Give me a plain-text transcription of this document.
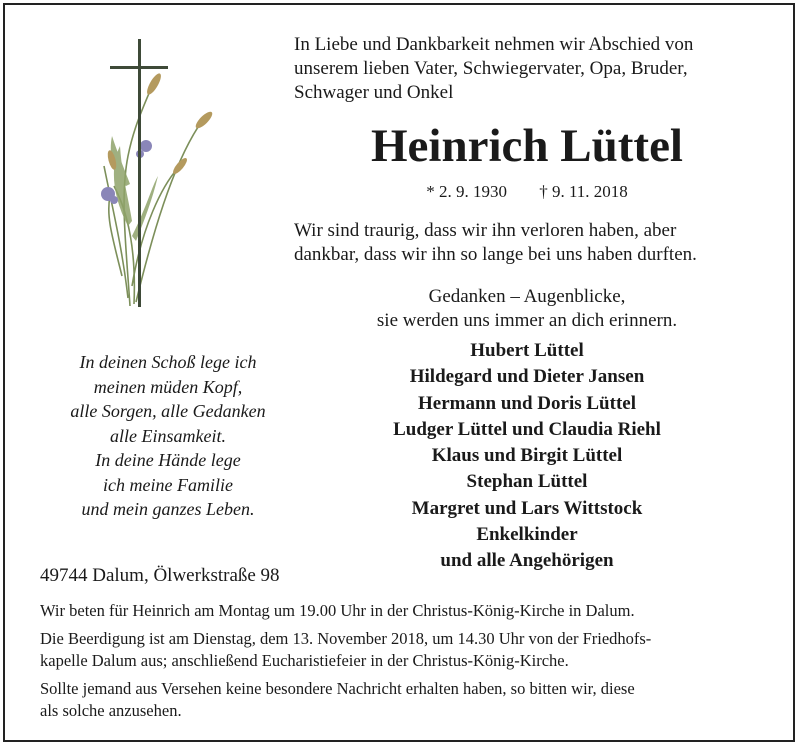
In Liebe und Dankbarkeit nehmen wir Abschied von
unserem lieben Vater, Schwiegervater, Opa, Bruder,
Schwager und Onkel
Heinrich Lüttel
* 2. 9. 1930 † 9. 11. 2018
Wir sind traurig, dass wir ihn verloren haben, aber
dankbar, dass wir ihn so lange bei uns haben durften.
Gedanken – Augenblicke,
sie werden uns immer an dich erinnern.
Hubert Lüttel
Hildegard und Dieter Jansen
Hermann und Doris Lüttel
Ludger Lüttel und Claudia Riehl
Klaus und Birgit Lüttel
Stephan Lüttel
Margret und Lars Wittstock
Enkelkinder
und alle Angehörigen
In deinen Schoß lege ich
meinen müden Kopf,
alle Sorgen, alle Gedanken
alle Einsamkeit.
In deine Hände lege
ich meine Familie
und mein ganzes Leben.
49744 Dalum, Ölwerkstraße 98

Wir beten für Heinrich am Montag um 19.00 Uhr in der Christus-König-Kirche in Dalum.

Die Beerdigung ist am Dienstag, dem 13. November 2018, um 14.30 Uhr von der Friedhofs-
kapelle Dalum aus; anschließend Eucharistiefeier in der Christus-König-Kirche.

Sollte jemand aus Versehen keine besondere Nachricht erhalten haben, so bitten wir, diese
als solche anzusehen.
